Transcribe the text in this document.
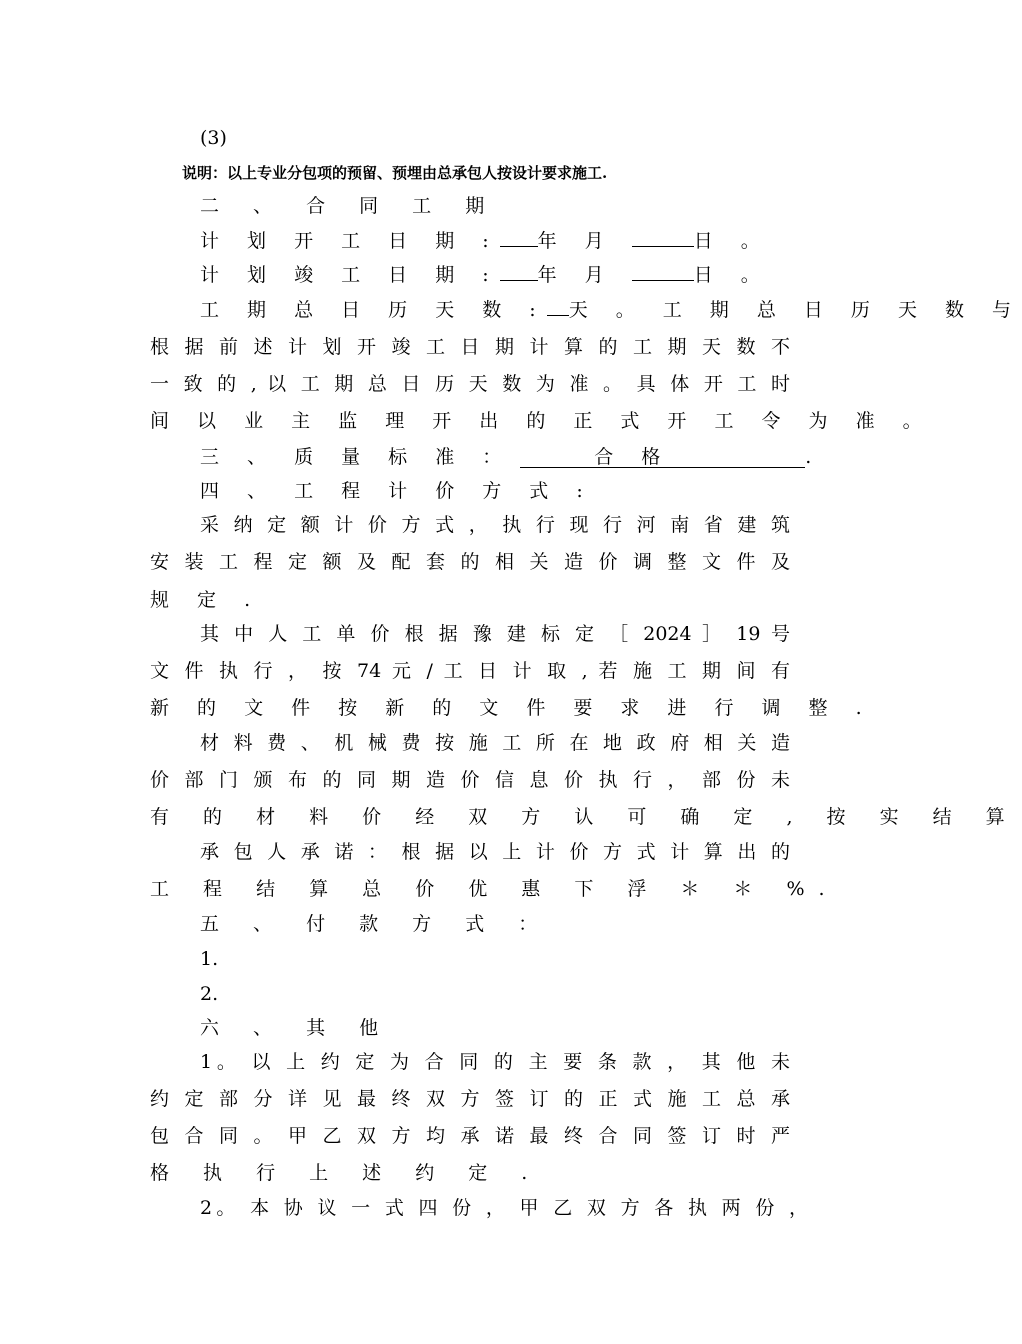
(3)
说明：以上专业分包项的预留、预埋由总承包人按设计要求施工.
二 、 合 同 工 期
计 划 开 工 日 期 : 年 月	日 。
计 划 竣 工 日 期 : 年 月	日 。
工 期 总 日 历 天 数 : 天 。 工 期 总 日 历 天 数 与
根 据 前 述 计 划 开 竣 工 日 期 计 算 的 工 期 天 数 不
一 致 的 , 以 工 期 总 日 历 天 数 为 准 。 具 体 开 工 时
间 以 业 主 监 理 开 出 的 正 式 开 工 令 为 准 。
三 、 质 量 标 准 ：	合 格	.
四 、 工 程 计 价 方 式 :
采 纳 定 额 计 价 方 式 ， 执 行 现 行 河 南 省 建 筑
安 装 工 程 定 额 及 配 套 的 相 关 造 价 调 整 文 件 及
规 定 .
其 中 人 工 单 价 根 据 豫 建 标 定 ［ 2024 ］ 19 号
文 件 执 行 ， 按 74 元 / 工 日 计 取 , 若 施 工 期 间 有
新 的 文 件 按 新 的 文 件 要 求 进 行 调 整 .
材 料 费 、 机 械 费 按 施 工 所 在 地 政 府 相 关 造
价 部 门 颁 布 的 同 期 造 价 信 息 价 执 行 ， 部 份 未
有 的 材 料 价 经 双 方 认 可 确 定 , 按 实 结 算
承 包 人 承 诺 ： 根 据 以 上 计 价 方 式 计 算 出 的
工 程 结 算 总 价 优 惠 下 浮 ＊ ＊ %.
五 、 付 款 方 式 ：
1.
2.
六 、 其 他
1。 以 上 约 定 为 合 同 的 主 要 条 款 ， 其 他 未
约 定 部 分 详 见 最 终 双 方 签 订 的 正 式 施 工 总 承
包 合 同 。 甲 乙 双 方 均 承 诺 最 终 合 同 签 订 时 严
格 执 行 上 述 约 定 .
2。 本 协 议 一 式 四 份 ， 甲 乙 双 方 各 执 两 份 ，
